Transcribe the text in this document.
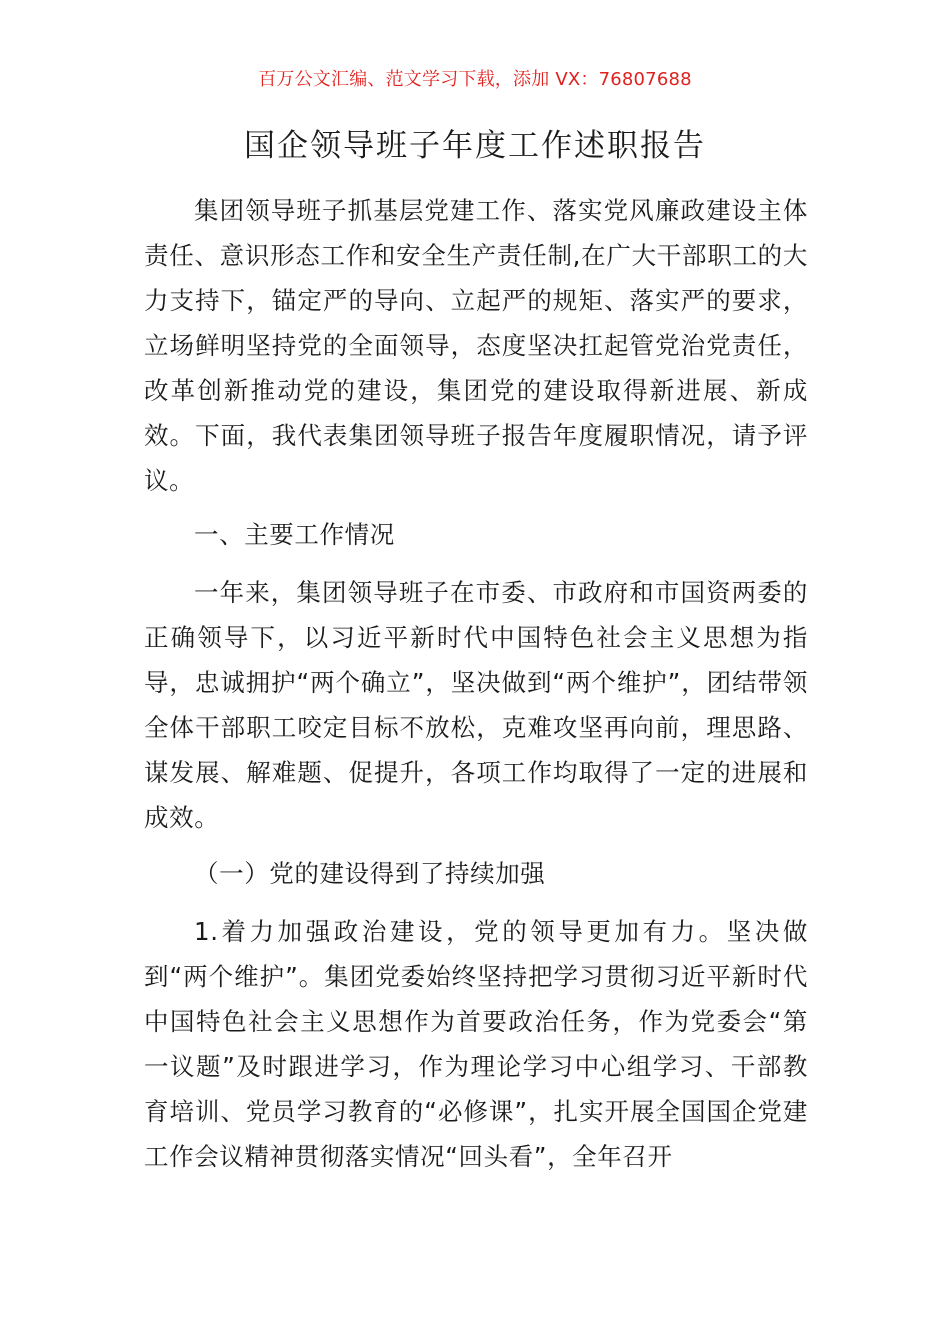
百万公文汇编、范文学习下载，添加 VX：76807688
国企领导班子年度工作述职报告

集团领导班子抓基层党建工作、落实党风廉政建设主体责任、意识形态工作和安全生产责任制,在广大干部职工的大力支持下，锚定严的导向、立起严的规矩、落实严的要求，立场鲜明坚持党的全面领导，态度坚决扛起管党治党责任，改革创新推动党的建设，集团党的建设取得新进展、新成效。下面，我代表集团领导班子报告年度履职情况，请予评议。

一、主要工作情况

一年来，集团领导班子在市委、市政府和市国资两委的正确领导下，以习近平新时代中国特色社会主义思想为指导，忠诚拥护“两个确立”，坚决做到“两个维护”，团结带领全体干部职工咬定目标不放松，克难攻坚再向前，理思路、谋发展、解难题、促提升，各项工作均取得了一定的进展和成效。

（一）党的建设得到了持续加强

1.着力加强政治建设，党的领导更加有力。坚决做到“两个维护”。集团党委始终坚持把学习贯彻习近平新时代中国特色社会主义思想作为首要政治任务，作为党委会“第一议题”及时跟进学习，作为理论学习中心组学习、干部教育培训、党员学习教育的“必修课”，扎实开展全国国企党建工作会议精神贯彻落实情况“回头看”，全年召开
